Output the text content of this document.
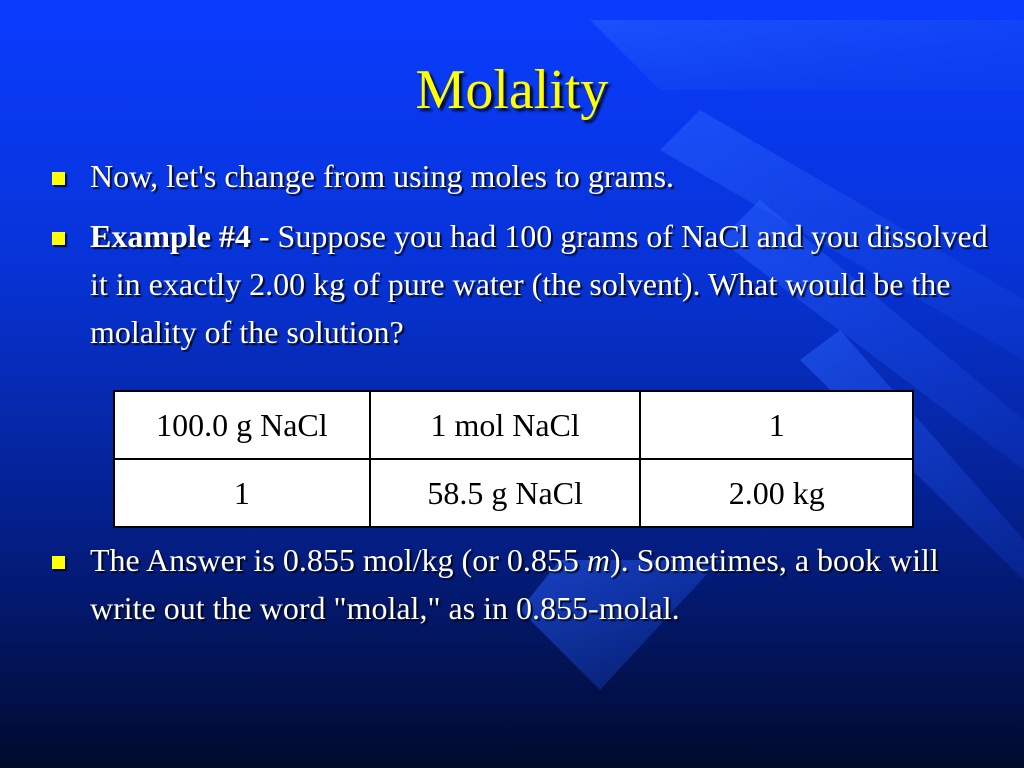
Molality
Now, let's change from using moles to grams.
Example #4 - Suppose you had 100 grams of NaCl and you dissolved it in exactly 2.00 kg of pure water (the solvent). What would be the molality of the solution?
The Answer is 0.855 mol/kg (or 0.855 m). Sometimes, a book will write out the word "molal," as in 0.855-molal.
100.0 g NaCl	1 mol NaCl	1
1	58.5 g NaCl	2.00 kg
